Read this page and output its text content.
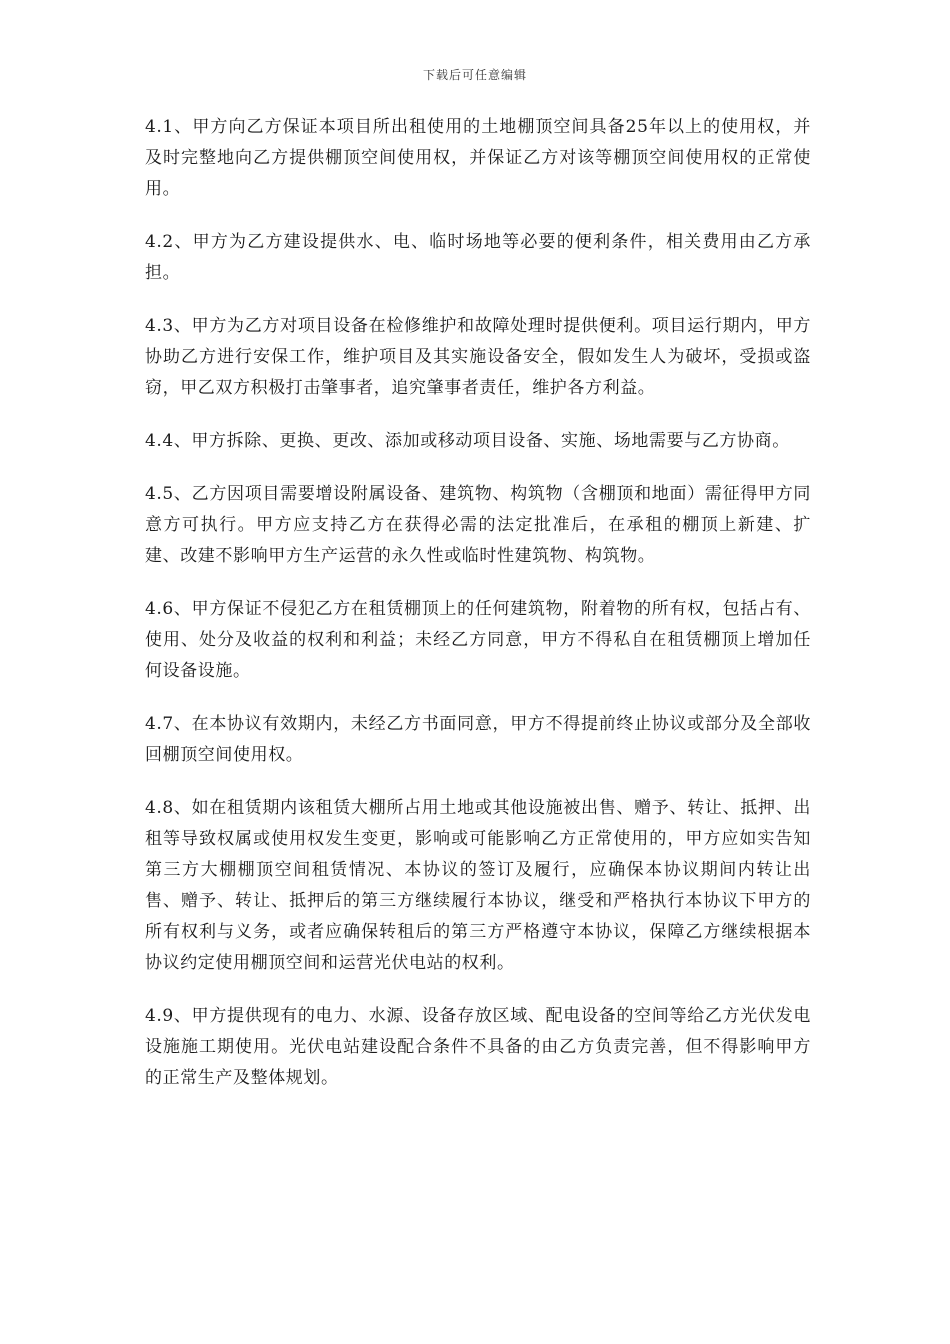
下载后可任意编辑

4.1、甲方向乙方保证本项目所出租使用的土地棚顶空间具备25年以上的使用权，并及时完整地向乙方提供棚顶空间使用权，并保证乙方对该等棚顶空间使用权的正常使用。

4.2、甲方为乙方建设提供水、电、临时场地等必要的便利条件，相关费用由乙方承担。

4.3、甲方为乙方对项目设备在检修维护和故障处理时提供便利。项目运行期内，甲方协助乙方进行安保工作，维护项目及其实施设备安全，假如发生人为破坏，受损或盗窃，甲乙双方积极打击肇事者，追究肇事者责任，维护各方利益。

4.4、甲方拆除、更换、更改、添加或移动项目设备、实施、场地需要与乙方协商。

4.5、乙方因项目需要增设附属设备、建筑物、构筑物（含棚顶和地面）需征得甲方同意方可执行。甲方应支持乙方在获得必需的法定批准后，在承租的棚顶上新建、扩建、改建不影响甲方生产运营的永久性或临时性建筑物、构筑物。

4.6、甲方保证不侵犯乙方在租赁棚顶上的任何建筑物，附着物的所有权，包括占有、使用、处分及收益的权利和利益；未经乙方同意，甲方不得私自在租赁棚顶上增加任何设备设施。

4.7、在本协议有效期内，未经乙方书面同意，甲方不得提前终止协议或部分及全部收回棚顶空间使用权。

4.8、如在租赁期内该租赁大棚所占用土地或其他设施被出售、赠予、转让、抵押、出租等导致权属或使用权发生变更，影响或可能影响乙方正常使用的，甲方应如实告知第三方大棚棚顶空间租赁情况、本协议的签订及履行，应确保本协议期间内转让出售、赠予、转让、抵押后的第三方继续履行本协议，继受和严格执行本协议下甲方的所有权利与义务，或者应确保转租后的第三方严格遵守本协议，保障乙方继续根据本协议约定使用棚顶空间和运营光伏电站的权利。

4.9、甲方提供现有的电力、水源、设备存放区域、配电设备的空间等给乙方光伏发电设施施工期使用。光伏电站建设配合条件不具备的由乙方负责完善，但不得影响甲方的正常生产及整体规划。
